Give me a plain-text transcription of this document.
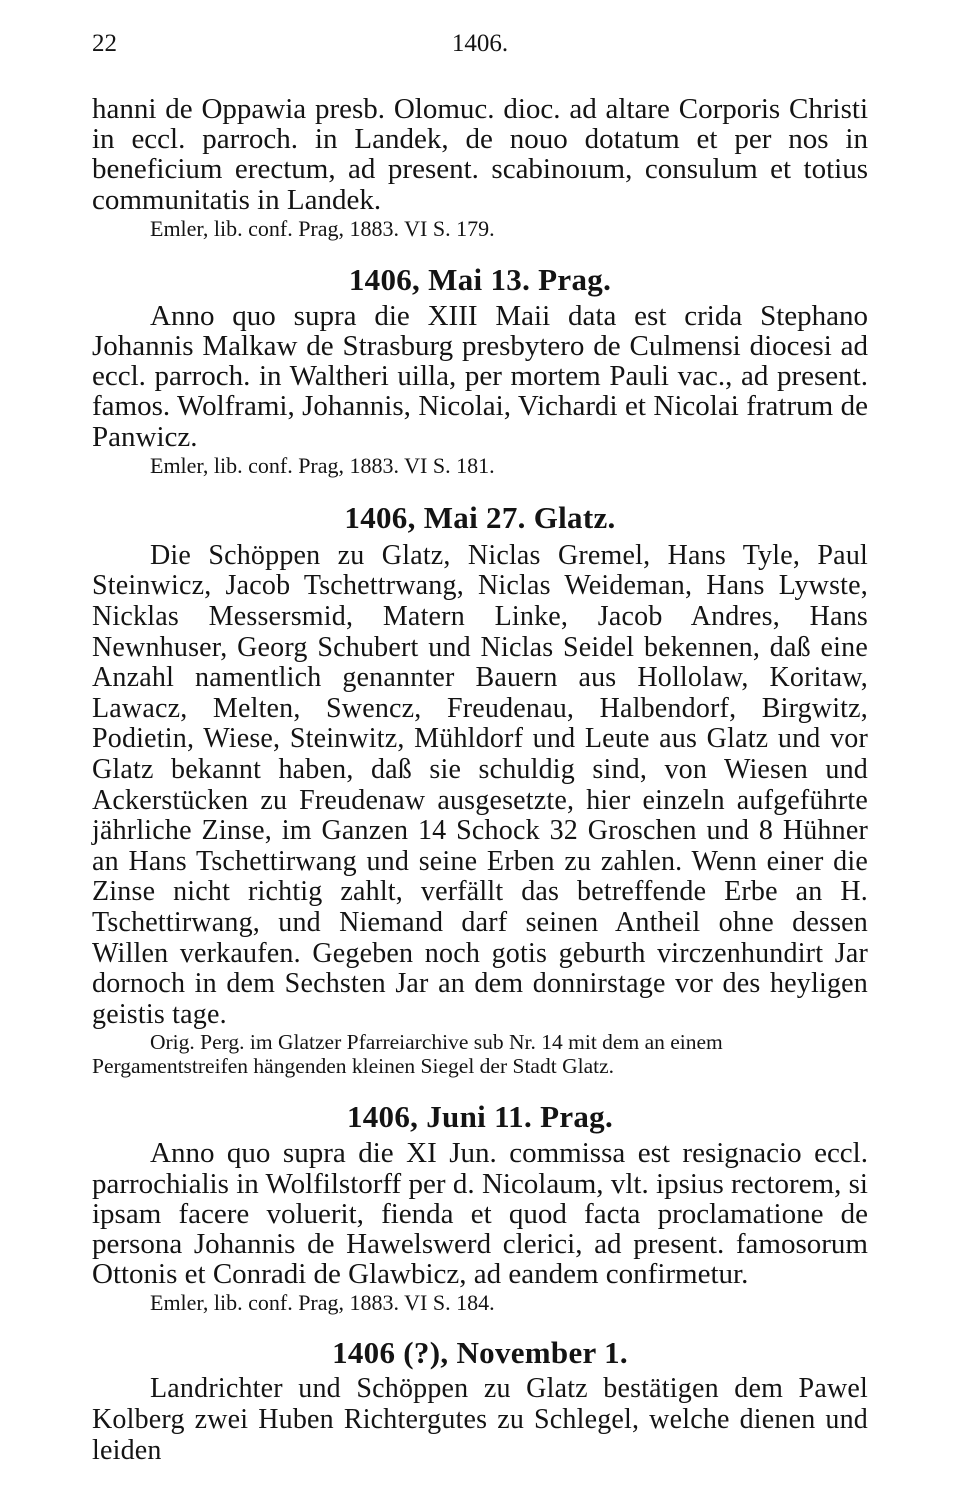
22	1406.

hanni de Oppawia presb. Olomuc. dioc. ad altare Corporis Christi in eccl. parroch. in Landek, de nouo dotatum et per nos in beneficium erectum, ad present. scabinoıum, consulum et totius communitatis in Landek.

Emler, lib. conf. Prag, 1883. VI S. 179.

1406, Mai 13. Prag.

Anno quo supra die XIII Maii data est crida Stephano Johannis Malkaw de Strasburg presbytero de Culmensi diocesi ad eccl. parroch. in Waltheri uilla, per mortem Pauli vac., ad present. famos. Wolframi, Johannis, Nicolai, Vichardi et Nicolai fratrum de Panwicz.

Emler, lib. conf. Prag, 1883. VI S. 181.

1406, Mai 27. Glatz.

Die Schöppen zu Glatz, Niclas Gremel, Hans Tyle, Paul Steinwicz, Jacob Tschettrwang, Niclas Weideman, Hans Lywste, Nicklas Messersmid, Matern Linke, Jacob Andres, Hans Newnhuser, Georg Schubert und Niclas Seidel bekennen, daß eine Anzahl namentlich genannter Bauern aus Hollolaw, Koritaw, Lawacz, Melten, Swencz, Freudenau, Halbendorf, Birgwitz, Podietin, Wiese, Steinwitz, Mühldorf und Leute aus Glatz und vor Glatz bekannt haben, daß sie schuldig sind, von Wiesen und Ackerstücken zu Freudenaw ausgesetzte, hier einzeln aufgeführte jährliche Zinse, im Ganzen 14 Schock 32 Groschen und 8 Hühner an Hans Tschettirwang und seine Erben zu zahlen. Wenn einer die Zinse nicht richtig zahlt, verfällt das betreffende Erbe an H. Tschettirwang, und Niemand darf seinen Antheil ohne dessen Willen verkaufen. Gegeben noch gotis geburth virczenhundirt Jar dornoch in dem Sechsten Jar an dem donnirstage vor des heyligen geistis tage.

Orig. Perg. im Glatzer Pfarreiarchive sub Nr. 14 mit dem an einem Pergamentstreifen hängenden kleinen Siegel der Stadt Glatz.

1406, Juni 11. Prag.

Anno quo supra die XI Jun. commissa est resignacio eccl. parrochialis in Wolfilstorff per d. Nicolaum, vlt. ipsius rectorem, si ipsam facere voluerit, fienda et quod facta proclamatione de persona Johannis de Hawelswerd clerici, ad present. famosorum Ottonis et Conradi de Glawbicz, ad eandem confirmetur.

Emler, lib. conf. Prag, 1883. VI S. 184.

1406 (?), November 1.

Landrichter und Schöppen zu Glatz bestätigen dem Pawel Kolberg zwei Huben Richtergutes zu Schlegel, welche dienen und leiden
